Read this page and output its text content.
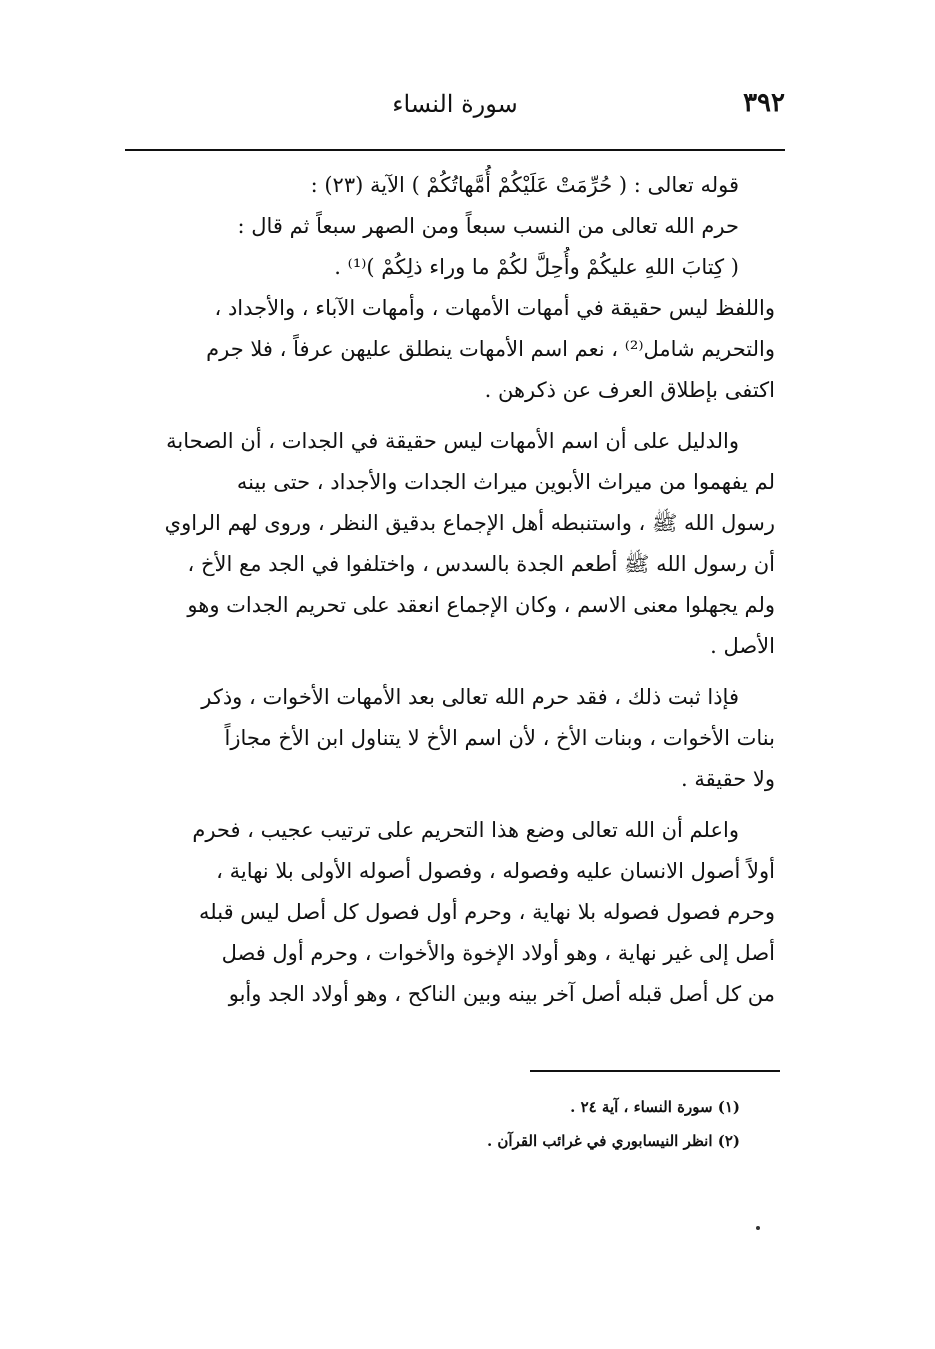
٣٩٢
سورة النساء
قوله تعالى : ( حُرِّمَتْ عَلَيْكُمْ أُمَّهاتُكُمْ ) الآية (٢٣) :
حرم الله تعالى من النسب سبعاً ومن الصهر سبعاً ثم قال :
( كِتابَ اللهِ عليكُمْ وأُحِلَّ لكُمْ ما وراء ذلِكُمْ )⁽¹⁾ .
واللفظ ليس حقيقة في أمهات الأمهات ، وأمهات الآباء ، والأجداد ،
والتحريم شامل⁽²⁾ ، نعم اسم الأمهات ينطلق عليهن عرفاً ، فلا جرم
اكتفى بإطلاق العرف عن ذكرهن .
والدليل على أن اسم الأمهات ليس حقيقة في الجدات ، أن الصحابة
لم يفهموا من ميراث الأبوين ميراث الجدات والأجداد ، حتى بينه
رسول الله ﷺ ، واستنبطه أهل الإجماع بدقيق النظر ، وروى لهم الراوي
أن رسول الله ﷺ أطعم الجدة بالسدس ، واختلفوا في الجد مع الأخ ،
ولم يجهلوا معنى الاسم ، وكان الإجماع انعقد على تحريم الجدات وهو
الأصل .
فإذا ثبت ذلك ، فقد حرم الله تعالى بعد الأمهات الأخوات ، وذكر
بنات الأخوات ، وبنات الأخ ، لأن اسم الأخ لا يتناول ابن الأخ مجازاً
ولا حقيقة .
واعلم أن الله تعالى وضع هذا التحريم على ترتيب عجيب ، فحرم
أولاً أصول الانسان عليه وفصوله ، وفصول أصوله الأولى بلا نهاية ،
وحرم فصول فصوله بلا نهاية ، وحرم أول فصول كل أصل ليس قبله
أصل إلى غير نهاية ، وهو أولاد الإخوة والأخوات ، وحرم أول فصل
من كل أصل قبله أصل آخر بينه وبين الناكح ، وهو أولاد الجد وأبو
(١) سورة النساء ، آية ٢٤ .
(٢) انظر النيسابوري في غرائب القرآن .
